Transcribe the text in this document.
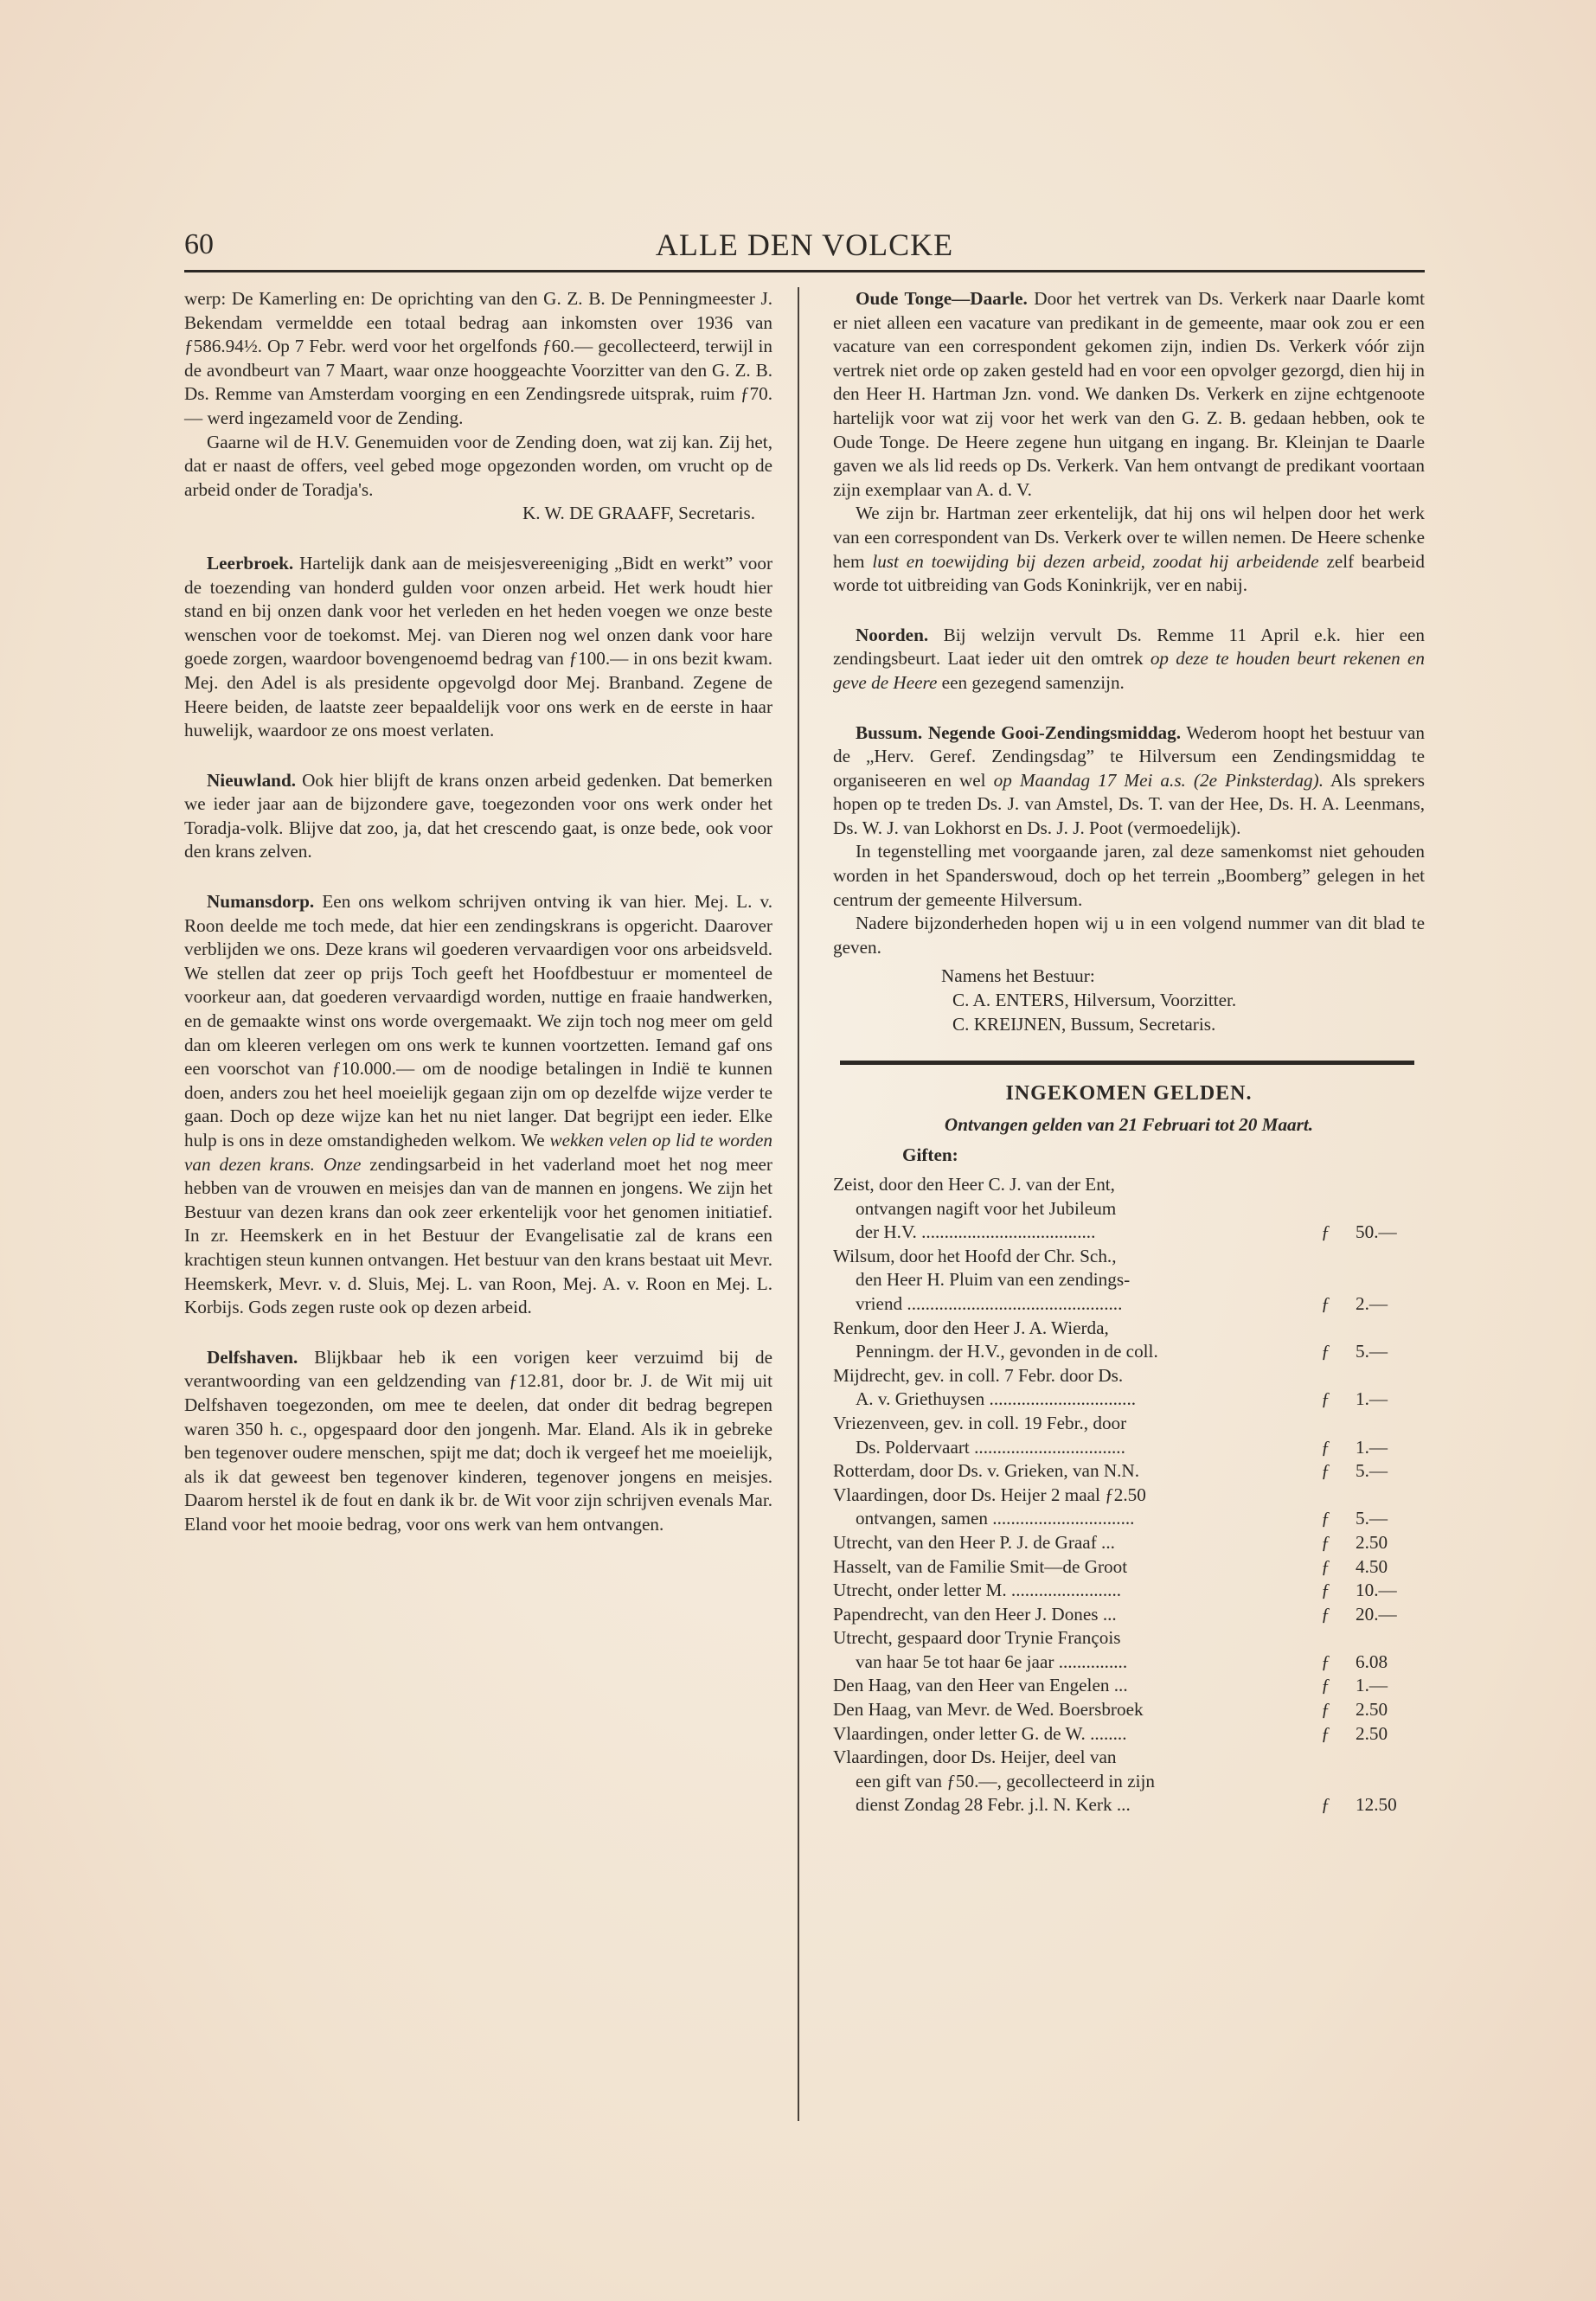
60	ALLE DEN VOLCKE

werp: De Kamerling en: De oprichting van den G. Z. B. De Penningmeester J. Bekendam vermeldde een totaal bedrag aan inkomsten over 1936 van ƒ586.94½. Op 7 Febr. werd voor het orgelfonds ƒ60.— gecollecteerd, terwijl in de avondbeurt van 7 Maart, waar onze hooggeachte Voorzitter van den G. Z. B. Ds. Remme van Amsterdam voorging en een Zendingsrede uitsprak, ruim ƒ70.— werd ingezameld voor de Zending.

Gaarne wil de H.V. Genemuiden voor de Zending doen, wat zij kan. Zij het, dat er naast de offers, veel gebed moge opgezonden worden, om vrucht op de arbeid onder de Toradja's.

K. W. DE GRAAFF, Secretaris.

Leerbroek. Hartelijk dank aan de meisjesvereeniging „Bidt en werkt” voor de toezending van honderd gulden voor onzen arbeid. Het werk houdt hier stand en bij onzen dank voor het verleden en het heden voegen we onze beste wenschen voor de toekomst. Mej. van Dieren nog wel onzen dank voor hare goede zorgen, waardoor bovengenoemd bedrag van ƒ100.— in ons bezit kwam. Mej. den Adel is als presidente opgevolgd door Mej. Branband. Zegene de Heere beiden, de laatste zeer bepaaldelijk voor ons werk en de eerste in haar huwelijk, waardoor ze ons moest verlaten.

Nieuwland. Ook hier blijft de krans onzen arbeid gedenken. Dat bemerken we ieder jaar aan de bijzondere gave, toegezonden voor ons werk onder het Toradja-volk. Blijve dat zoo, ja, dat het crescendo gaat, is onze bede, ook voor den krans zelven.

Numansdorp. Een ons welkom schrijven ontving ik van hier. Mej. L. v. Roon deelde me toch mede, dat hier een zendingskrans is opgericht. Daarover verblijden we ons. Deze krans wil goederen vervaardigen voor ons arbeidsveld. We stellen dat zeer op prijs Toch geeft het Hoofdbestuur er momenteel de voorkeur aan, dat goederen vervaardigd worden, nuttige en fraaie handwerken, en de gemaakte winst ons worde overgemaakt. We zijn toch nog meer om geld dan om kleeren verlegen om ons werk te kunnen voortzetten. Iemand gaf ons een voorschot van ƒ10.000.— om de noodige betalingen in Indië te kunnen doen, anders zou het heel moeielijk gegaan zijn om op dezelfde wijze verder te gaan. Doch op deze wijze kan het nu niet langer. Dat begrijpt een ieder. Elke hulp is ons in deze omstandigheden welkom. We wekken velen op lid te worden van dezen krans. Onze zendingsarbeid in het vaderland moet het nog meer hebben van de vrouwen en meisjes dan van de mannen en jongens. We zijn het Bestuur van dezen krans dan ook zeer erkentelijk voor het genomen initiatief. In zr. Heemskerk en in het Bestuur der Evangelisatie zal de krans een krachtigen steun kunnen ontvangen. Het bestuur van den krans bestaat uit Mevr. Heemskerk, Mevr. v. d. Sluis, Mej. L. van Roon, Mej. A. v. Roon en Mej. L. Korbijs. Gods zegen ruste ook op dezen arbeid.

Delfshaven. Blijkbaar heb ik een vorigen keer verzuimd bij de verantwoording van een geldzending van ƒ12.81, door br. J. de Wit mij uit Delfshaven toegezonden, om mee te deelen, dat onder dit bedrag begrepen waren 350 h. c., opgespaard door den jongenh. Mar. Eland. Als ik in gebreke ben tegenover oudere menschen, spijt me dat; doch ik vergeef het me moeielijk, als ik dat geweest ben tegenover kinderen, tegenover jongens en meisjes. Daarom herstel ik de fout en dank ik br. de Wit voor zijn schrijven evenals Mar. Eland voor het mooie bedrag, voor ons werk van hem ontvangen.

Oude Tonge—Daarle. Door het vertrek van Ds. Verkerk naar Daarle komt er niet alleen een vacature van predikant in de gemeente, maar ook zou er een vacature van een correspondent gekomen zijn, indien Ds. Verkerk vóór zijn vertrek niet orde op zaken gesteld had en voor een opvolger gezorgd, dien hij in den Heer H. Hartman Jzn. vond. We danken Ds. Verkerk en zijne echtgenoote hartelijk voor wat zij voor het werk van den G. Z. B. gedaan hebben, ook te Oude Tonge. De Heere zegene hun uitgang en ingang. Br. Kleinjan te Daarle gaven we als lid reeds op Ds. Verkerk. Van hem ontvangt de predikant voortaan zijn exemplaar van A. d. V.

We zijn br. Hartman zeer erkentelijk, dat hij ons wil helpen door het werk van een correspondent van Ds. Verkerk over te willen nemen. De Heere schenke hem lust en toewijding bij dezen arbeid, zoodat hij arbeidende zelf bearbeid worde tot uitbreiding van Gods Koninkrijk, ver en nabij.

Noorden. Bij welzijn vervult Ds. Remme 11 April e.k. hier een zendingsbeurt. Laat ieder uit den omtrek op deze te houden beurt rekenen en geve de Heere een gezegend samenzijn.

Bussum. Negende Gooi-Zendingsmiddag. Wederom hoopt het bestuur van de „Herv. Geref. Zendingsdag” te Hilversum een Zendingsmiddag te organiseeren en wel op Maandag 17 Mei a.s. (2e Pinksterdag). Als sprekers hopen op te treden Ds. J. van Amstel, Ds. T. van der Hee, Ds. H. A. Leenmans, Ds. W. J. van Lokhorst en Ds. J. J. Poot (vermoedelijk).

In tegenstelling met voorgaande jaren, zal deze samenkomst niet gehouden worden in het Spanderswoud, doch op het terrein „Boomberg” gelegen in het centrum der gemeente Hilversum.

Nadere bijzonderheden hopen wij u in een volgend nummer van dit blad te geven.

Namens het Bestuur:

C. A. ENTERS, Hilversum, Voorzitter.

C. KREIJNEN, Bussum, Secretaris.

INGEKOMEN GELDEN.
Ontvangen gelden van 21 Februari tot 20 Maart.
Giften:
Zeist, door den Heer C. J. van der Ent,
ontvangen nagift voor het Jubileum
der H.V. ......................................	ƒ 50.—
Wilsum, door het Hoofd der Chr. Sch.,
den Heer H. Pluim van een zendings-
vriend ...............................................	ƒ 2.—
Renkum, door den Heer J. A. Wierda,
Penningm. der H.V., gevonden in de coll.	ƒ 5.—
Mijdrecht, gev. in coll. 7 Febr. door Ds.
A. v. Griethuysen ................................	ƒ 1.—
Vriezenveen, gev. in coll. 19 Febr., door
Ds. Poldervaart .................................	ƒ 1.—
Rotterdam, door Ds. v. Grieken, van N.N.	ƒ 5.—
Vlaardingen, door Ds. Heijer 2 maal ƒ2.50
ontvangen, samen ...............................	ƒ 5.—
Utrecht, van den Heer P. J. de Graaf ...	ƒ 2.50
Hasselt, van de Familie Smit—de Groot	ƒ 4.50
Utrecht, onder letter M. ........................	ƒ 10.—
Papendrecht, van den Heer J. Dones ...	ƒ 20.—
Utrecht, gespaard door Trynie François
van haar 5e tot haar 6e jaar ...............	ƒ 6.08
Den Haag, van den Heer van Engelen ...	ƒ 1.—
Den Haag, van Mevr. de Wed. Boersbroek	ƒ 2.50
Vlaardingen, onder letter G. de W. ........	ƒ 2.50
Vlaardingen, door Ds. Heijer, deel van
een gift van ƒ50.—, gecollecteerd in zijn
dienst Zondag 28 Febr. j.l. N. Kerk ...	ƒ 12.50
